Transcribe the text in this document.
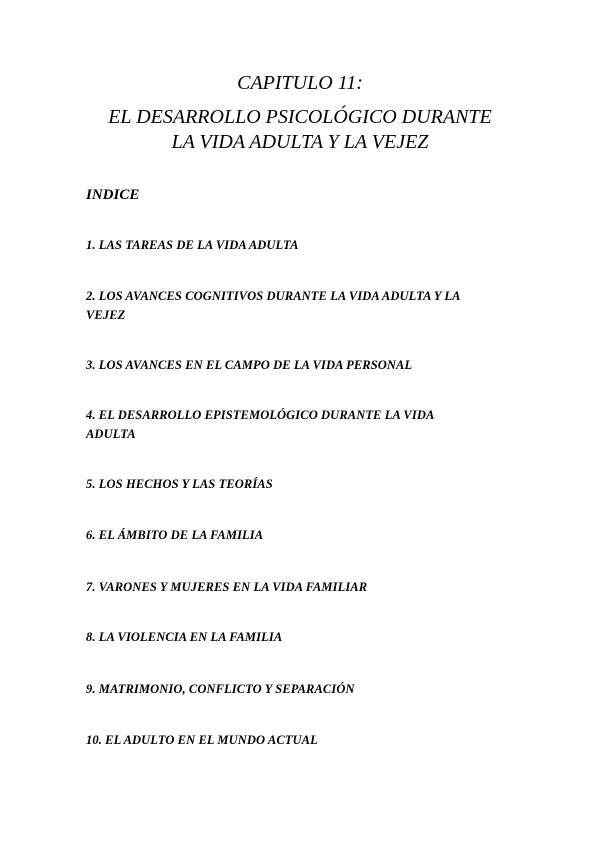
CAPITULO 11:
EL DESARROLLO PSICOLÓGICO DURANTE
LA VIDA ADULTA Y LA VEJEZ
INDICE
1. LAS TAREAS DE LA VIDA ADULTA
2. LOS AVANCES COGNITIVOS DURANTE LA VIDA ADULTA Y LA
VEJEZ
3. LOS AVANCES EN EL CAMPO DE LA VIDA PERSONAL
4. EL DESARROLLO EPISTEMOLÓGICO DURANTE LA VIDA
ADULTA
5. LOS HECHOS Y LAS TEORÍAS
6. EL ÁMBITO DE LA FAMILIA
7. VARONES Y MUJERES EN LA VIDA FAMILIAR
8. LA VIOLENCIA EN LA FAMILIA
9. MATRIMONIO, CONFLICTO Y SEPARACIÓN
10. EL ADULTO EN EL MUNDO ACTUAL
